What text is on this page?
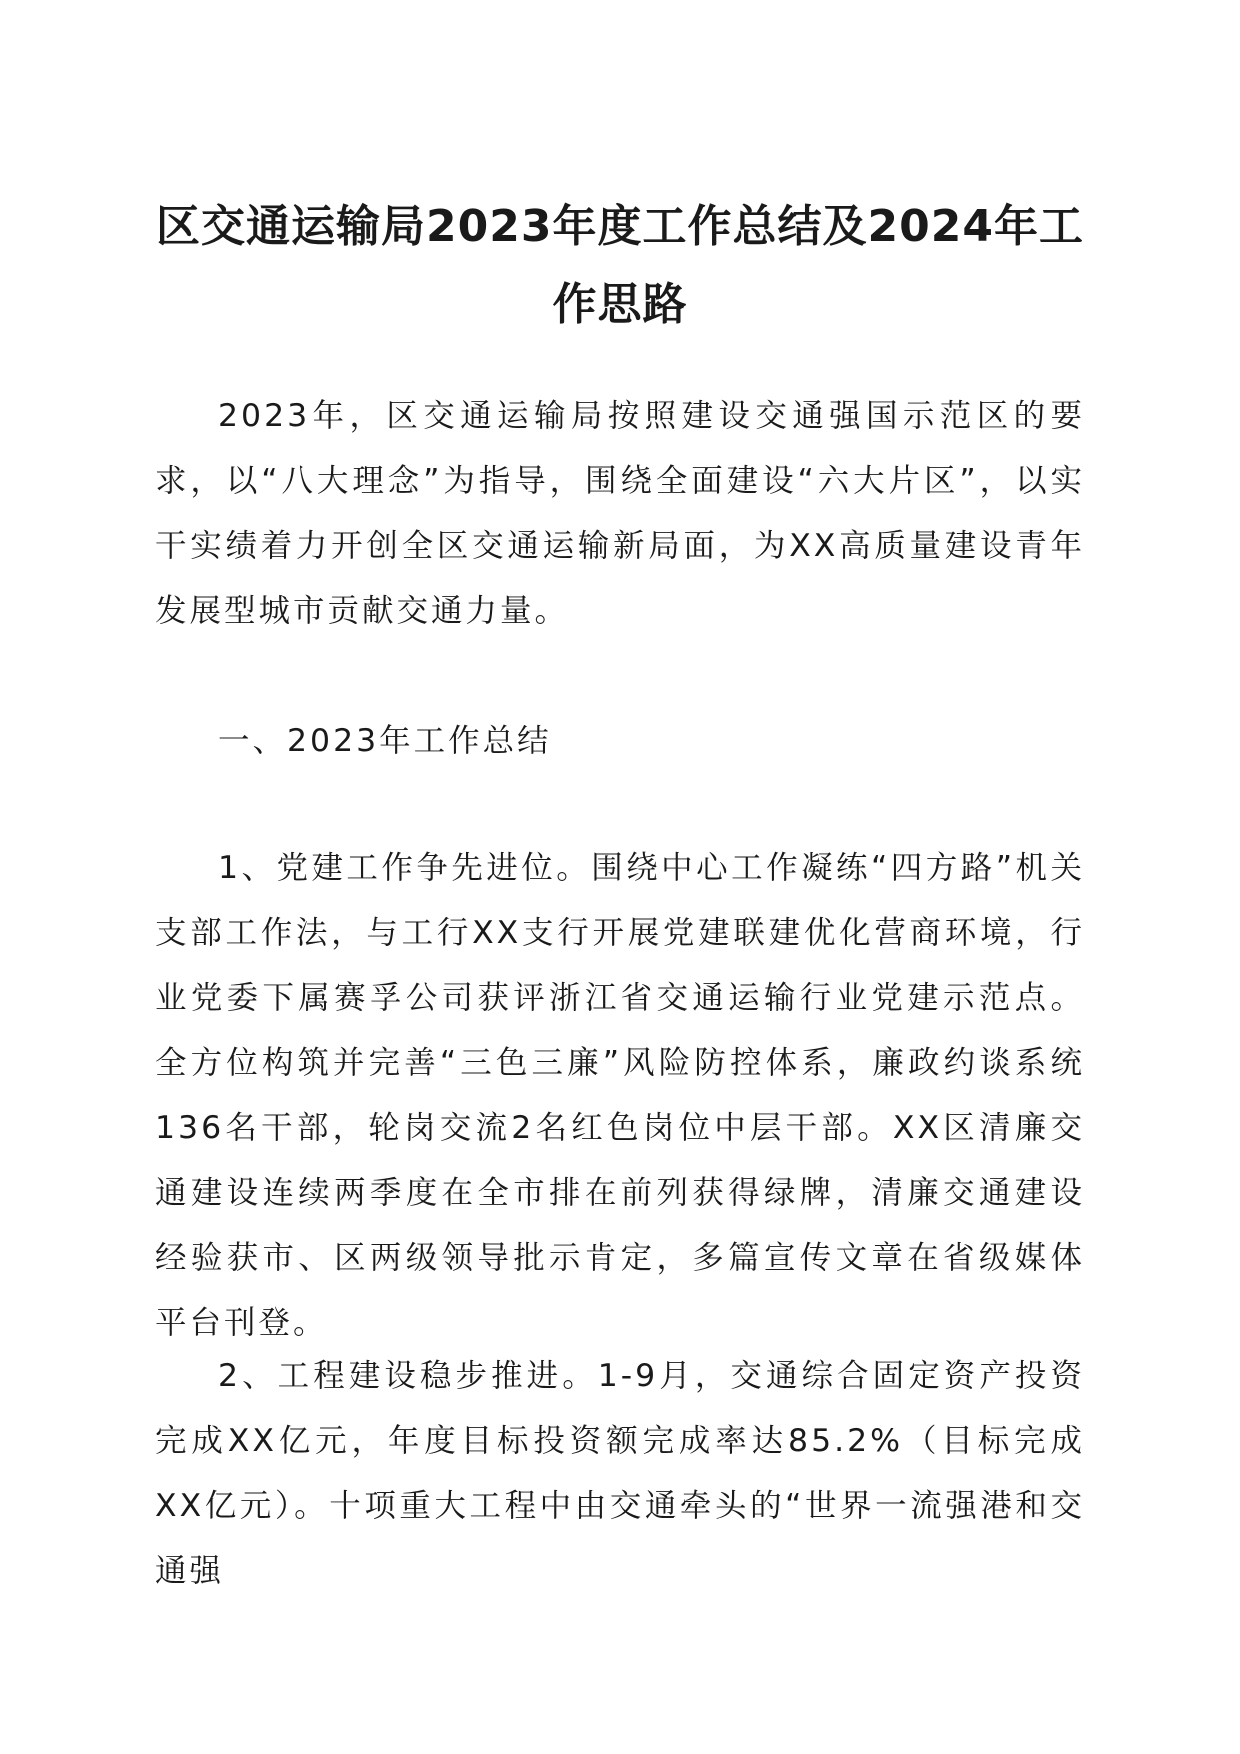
区交通运输局2023年度工作总结及2024年工作思路

2023年，区交通运输局按照建设交通强国示范区的要求，以“八大理念”为指导，围绕全面建设“六大片区”，以实干实绩着力开创全区交通运输新局面，为XX高质量建设青年发展型城市贡献交通力量。

一、2023年工作总结

1、党建工作争先进位。围绕中心工作凝练“四方路”机关支部工作法，与工行XX支行开展党建联建优化营商环境，行业党委下属赛孚公司获评浙江省交通运输行业党建示范点。全方位构筑并完善“三色三廉”风险防控体系，廉政约谈系统136名干部，轮岗交流2名红色岗位中层干部。XX区清廉交通建设连续两季度在全市排在前列获得绿牌，清廉交通建设经验获市、区两级领导批示肯定，多篇宣传文章在省级媒体平台刊登。

2、工程建设稳步推进。1-9月，交通综合固定资产投资完成XX亿元，年度目标投资额完成率达85.2%（目标完成XX亿元）。十项重大工程中由交通牵头的“世界一流强港和交通强
